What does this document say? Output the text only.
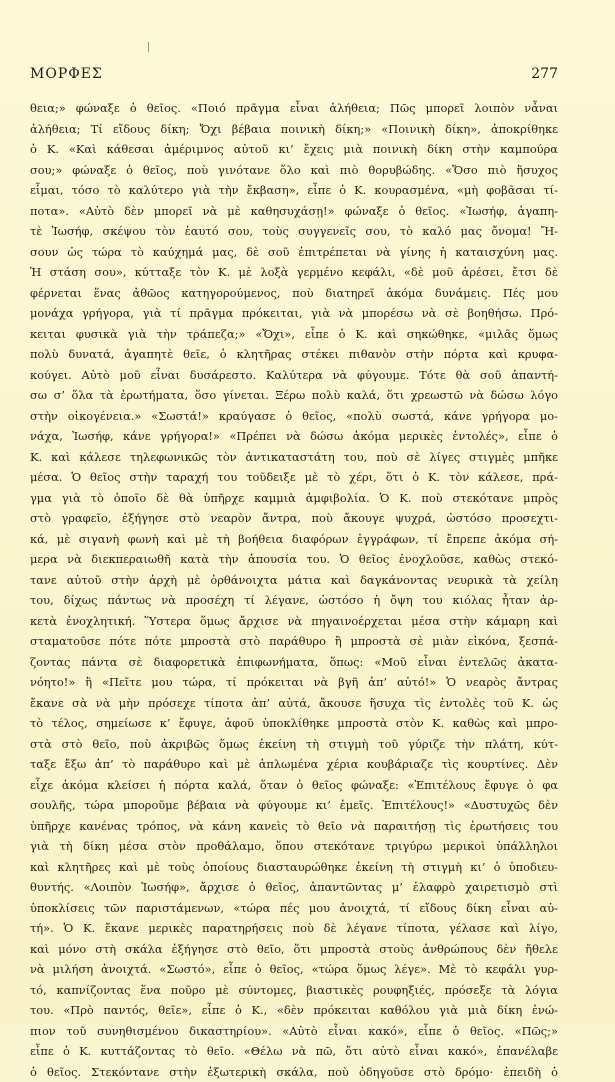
ΜΟΡΦΕΣ	277
θεια;» φώναξε ὁ θεῖος. «Ποιό πρᾶγμα εἶναι ἀλήθεια; Πῶς μπορεῖ λοιπὸν νἆναι
ἀλήθεια; Τί εἴδους δίκη; Ὄχι βέβαια ποινικὴ δίκη;» «Ποινικὴ δίκη», ἀποκρίθηκε
ὁ Κ. «Καὶ κάθεσαι ἀμέριμνος αὐτοῦ κι’ ἔχεις μιὰ ποινικὴ δίκη στὴν καμπούρα
σου;» φώναξε ὁ θεῖος, ποὺ γινότανε ὅλο καὶ πιὸ θορυβώδης. «Ὅσο πιὸ ἥσυχος
εἶμαι, τόσο τὸ καλύτερο γιὰ τὴν ἔκβαση», εἶπε ὁ Κ. κουρασμένα, «μὴ φοβᾶσαι τί-
ποτα». «Αὐτὸ δὲν μπορεῖ νὰ μὲ καθησυχάσῃ!» φώναξε ὁ θεῖος. «Ἰωσήφ, ἀγαπη-
τὲ Ἰωσήφ, σκέψου τὸν ἑαυτό σου, τοὺς συγγενεῖς σου, τὸ καλό μας ὄνομα! Ἤ-
σουν ὡς τώρα τὸ καύχημά μας, δὲ σοῦ ἐπιτρέπεται νὰ γίνης ἡ καταισχύνη μας.
Ἡ στάση σου», κύτταξε τὸν Κ. μὲ λοξὰ γερμένο κεφάλι, «δὲ μοῦ ἀρέσει, ἔτσι δὲ
φέρνεται ἕνας ἀθῶος κατηγορούμενος, ποὺ διατηρεῖ ἀκόμα δυνάμεις. Πές μου
μονάχα γρήγορα, γιὰ τί πρᾶγμα πρόκειται, γιὰ νὰ μπορέσω νὰ σὲ βοηθήσω. Πρό-
κειται φυσικὰ γιὰ τὴν τράπεζα;» «Ὄχι», εἶπε ὁ Κ. καὶ σηκώθηκε, «μιλᾶς ὅμως
πολὺ δυνατά, ἀγαπητὲ θεῖε, ὁ κλητῆρας στέκει πιθανὸν στὴν πόρτα καὶ κρυφα-
κούγει. Αὐτὸ μοῦ εἶναι δυσάρεστο. Καλύτερα νὰ φύγουμε. Τότε θὰ σοῦ ἀπαντή-
σω σ’ ὅλα τὰ ἐρωτήματα, ὅσο γίνεται. Ξέρω πολὺ καλά, ὅτι χρεωστῶ νὰ δώσω λόγο
στὴν οἰκογένεια.» «Σωστά!» κραύγασε ὁ θεῖος, «πολὺ σωστά, κάνε γρήγορα μο-
νάχα, Ἰωσήφ, κάνε γρήγορα!» «Πρέπει νὰ δώσω ἀκόμα μερικὲς ἐντολές», εἶπε ὁ
Κ. καὶ κάλεσε τηλεφωνικῶς τὸν ἀντικαταστάτη του, ποὺ σὲ λίγες στιγμὲς μπῆκε
μέσα. Ὁ θεῖος στὴν ταραχή του τοῦδειξε μὲ τὸ χέρι, ὅτι ὁ Κ. τὸν κάλεσε, πρά-
γμα γιὰ τὸ ὁποῖο δὲ θὰ ὑπῆρχε καμμιὰ ἀμφιβολία. Ὁ Κ. ποὺ στεκότανε μπρὸς
στὸ γραφεῖο, ἐξήγησε στὸ νεαρὸν ἄντρα, ποὺ ἄκουγε ψυχρά, ὡστόσο προσεχτι-
κά, μὲ σιγανὴ φωνὴ καὶ μὲ τὴ βοήθεια διαφόρων ἐγγράφων, τί ἔπρεπε ἀκόμα σή-
μερα νὰ διεκπεραιωθῆ κατὰ τὴν ἀπουσία του. Ὁ θεῖος ἐνοχλοῦσε, καθὼς στεκό-
τανε αὐτοῦ στὴν ἀρχὴ μὲ ὀρθάνοιχτα μάτια καὶ δαγκάνοντας νευρικὰ τὰ χείλη
του, δίχως πάντως νὰ προσέχη τί λέγανε, ὡστόσο ἡ ὄψη του κιόλας ἦταν ἀρ-
κετὰ ἐνοχλητική. Ὕστερα ὅμως ἄρχισε νὰ πηγαινοέρχεται μέσα στὴν κάμαρη καὶ
σταματοῦσε πότε πότε μπροστὰ στὸ παράθυρο ἢ μπροστὰ σὲ μιὰν εἰκόνα, ξεσπά-
ζοντας πάντα σὲ διαφορετικὰ ἐπιφωνήματα, ὅπως: «Μοῦ εἶναι ἐντελῶς ἀκατα-
νόητο!» ἢ «Πεῖτε μου τώρα, τί πρόκειται νὰ βγῆ ἀπ’ αὐτό!» Ὁ νεαρὸς ἄντρας
ἔκανε σὰ νὰ μὴν πρόσεχε τίποτα ἀπ’ αὐτά, ἄκουσε ἥσυχα τὶς ἐντολὲς τοῦ Κ. ὡς
τὸ τέλος, σημείωσε κ’ ἔφυγε, ἀφοῦ ὑποκλίθηκε μπροστὰ στὸν Κ. καθὼς καὶ μπρο-
στὰ στὸ θεῖο, ποὺ ἀκριβῶς ὅμως ἐκείνη τὴ στιγμὴ τοῦ γύριζε τὴν πλάτη, κύτ-
ταξε ἔξω ἀπ’ τὸ παράθυρο καὶ μὲ ἁπλωμένα χέρια κουβάριαζε τὶς κουρτίνες. Δὲν
εἶχε ἀκόμα κλείσει ἡ πόρτα καλά, ὅταν ὁ θεῖος φώναξε: «Ἐπιτέλους ἔφυγε ὁ φα
σουλῆς, τώρα μποροῦμε βέβαια νὰ φύγουμε κι’ ἐμεῖς. Ἐπιτέλους!» «Δυστυχῶς δὲν
ὑπῆρχε κανένας τρόπος, νὰ κάνη κανεὶς τὸ θεῖο νὰ παραιτήσῃ τὶς ἐρωτήσεις του
γιὰ τὴ δίκη μέσα στὸν προθάλαμο, ὅπου στεκότανε τριγύρω μερικοὶ ὑπάλληλοι
καὶ κλητῆρες καὶ μὲ τοὺς ὁποίους διασταυρώθηκε ἐκείνη τὴ στιγμὴ κι’ ὁ ὑποδιευ-
θυντής. «Λοιπὸν Ἰωσήφ», ἄρχισε ὁ θεῖος, ἀπαντῶντας μ’ ἐλαφρὸ χαιρετισμὸ στὶ
ὑποκλίσεις τῶν παριστάμενων, «τώρα πές μου ἀνοιχτά, τί εἴδους δίκη εἶναι αὐ-
τή». Ὁ Κ. ἔκανε μερικὲς παρατηρήσεις ποὺ δὲ λέγανε τίποτα, γέλασε καὶ λίγο,
καὶ μόνο στὴ σκάλα ἐξήγησε στὸ θεῖο, ὅτι μπροστὰ στοὺς ἀνθρώπους δὲν ἤθελε
νὰ μιλήση ἀνοιχτά. «Σωστό», εἶπε ὁ θεῖος, «τώρα ὅμως λέγε». Μὲ τὸ κεφάλι γυρ-
τό, καπνίζοντας ἕνα ποῦρο μὲ σύντομες, βιαστικὲς ρουφηξιές, πρόσεξε τὰ λόγια
του. «Πρὸ παντός, θεῖε», εἶπε ὁ Κ., «δὲν πρόκειται καθόλου γιὰ μιὰ δίκη ἐνώ-
πιον τοῦ συνηθισμένου δικαστηρίου». «Αὐτὸ εἶναι κακό», εἶπε ὁ θεῖος. «Πῶς;»
εἶπε ὁ Κ. κυττάζοντας τὸ θεῖο. «Θέλω νὰ πῶ, ὅτι αὐτὸ εἶναι κακό», ἐπανέλαβε
ὁ θεῖος. Στεκόντανε στὴν ἐξωτερικὴ σκάλα, ποὺ ὁδηγοῦσε στὸ δρόμο· ἐπειδὴ ὁ
